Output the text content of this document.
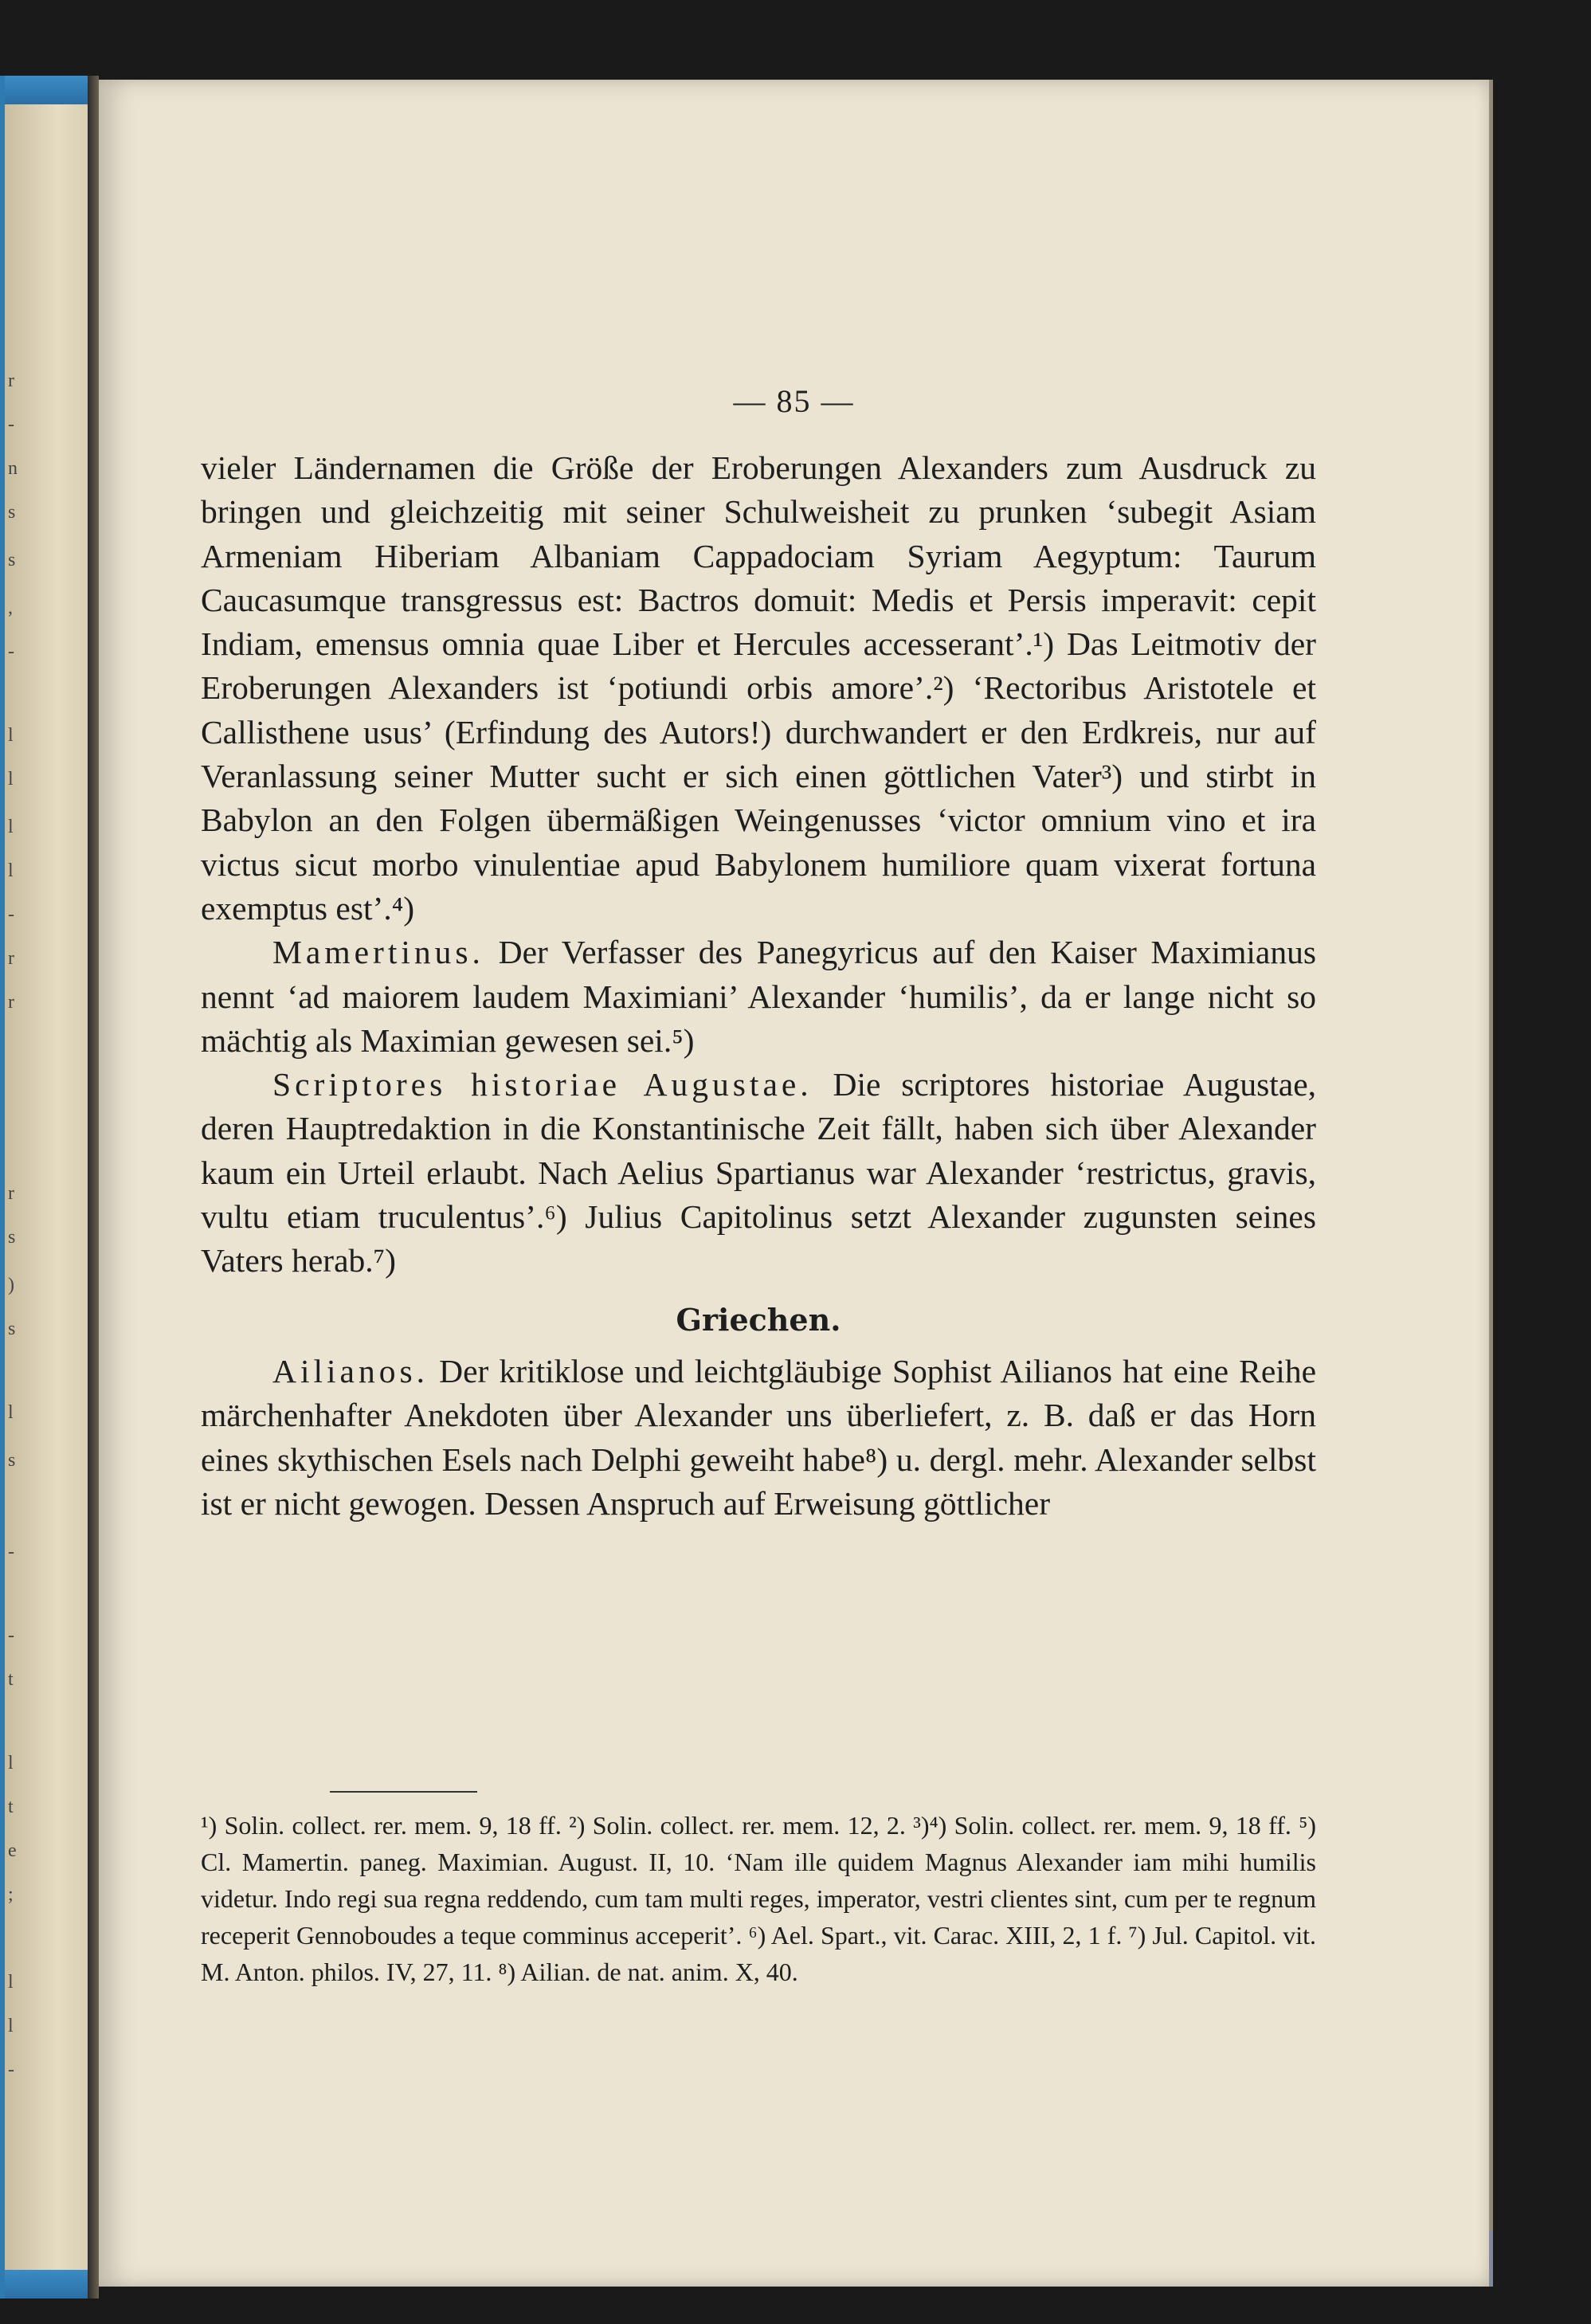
r
-
n
s
s
,
-
l
l
l
l
-
r
r
r
s
)
s
l
s
-
-
t
l
t
e
;
l
l
-
— 85 —

vieler Ländernamen die Größe der Eroberungen Alexanders zum Ausdruck zu bringen und gleichzeitig mit seiner Schulweisheit zu prunken ‘subegit Asiam Armeniam Hiberiam Albaniam Cappadociam Syriam Aegyptum: Taurum Caucasumque transgressus est: Bactros domuit: Medis et Persis imperavit: cepit Indiam, emensus omnia quae Liber et Hercules accesserant’.¹) Das Leitmotiv der Eroberungen Alexanders ist ‘potiundi orbis amore’.²) ‘Rectoribus Aristotele et Callisthene usus’ (Erfindung des Autors!) durchwandert er den Erdkreis, nur auf Veranlassung seiner Mutter sucht er sich einen göttlichen Vater³) und stirbt in Babylon an den Folgen übermäßigen Weingenusses ‘victor omnium vino et ira victus sicut morbo vinulentiae apud Babylonem humiliore quam vixerat fortuna exemptus est’.⁴)

Mamertinus. Der Verfasser des Panegyricus auf den Kaiser Maximianus nennt ‘ad maiorem laudem Maximiani’ Alexander ‘humilis’, da er lange nicht so mächtig als Maximian gewesen sei.⁵)

Scriptores historiae Augustae. Die scriptores historiae Augustae, deren Hauptredaktion in die Konstantinische Zeit fällt, haben sich über Alexander kaum ein Urteil erlaubt. Nach Aelius Spartianus war Alexander ‘restrictus, gravis, vultu etiam truculentus’.⁶) Julius Capitolinus setzt Alexander zugunsten seines Vaters herab.⁷)

Griechen.

Ailianos. Der kritiklose und leichtgläubige Sophist Ailianos hat eine Reihe märchenhafter Anekdoten über Alexander uns überliefert, z. B. daß er das Horn eines skythischen Esels nach Delphi geweiht habe⁸) u. dergl. mehr. Alexander selbst ist er nicht gewogen. Dessen Anspruch auf Erweisung göttlicher

¹) Solin. collect. rer. mem. 9, 18 ff. ²) Solin. collect. rer. mem. 12, 2. ³)⁴) Solin. collect. rer. mem. 9, 18 ff. ⁵) Cl. Mamertin. paneg. Maximian. August. II, 10. ‘Nam ille quidem Magnus Alexander iam mihi humilis videtur. Indo regi sua regna reddendo, cum tam multi reges, imperator, vestri clientes sint, cum per te regnum receperit Gennoboudes a teque comminus acceperit’. ⁶) Ael. Spart., vit. Carac. XIII, 2, 1 f. ⁷) Jul. Capitol. vit. M. Anton. philos. IV, 27, 11. ⁸) Ailian. de nat. anim. X, 40.
